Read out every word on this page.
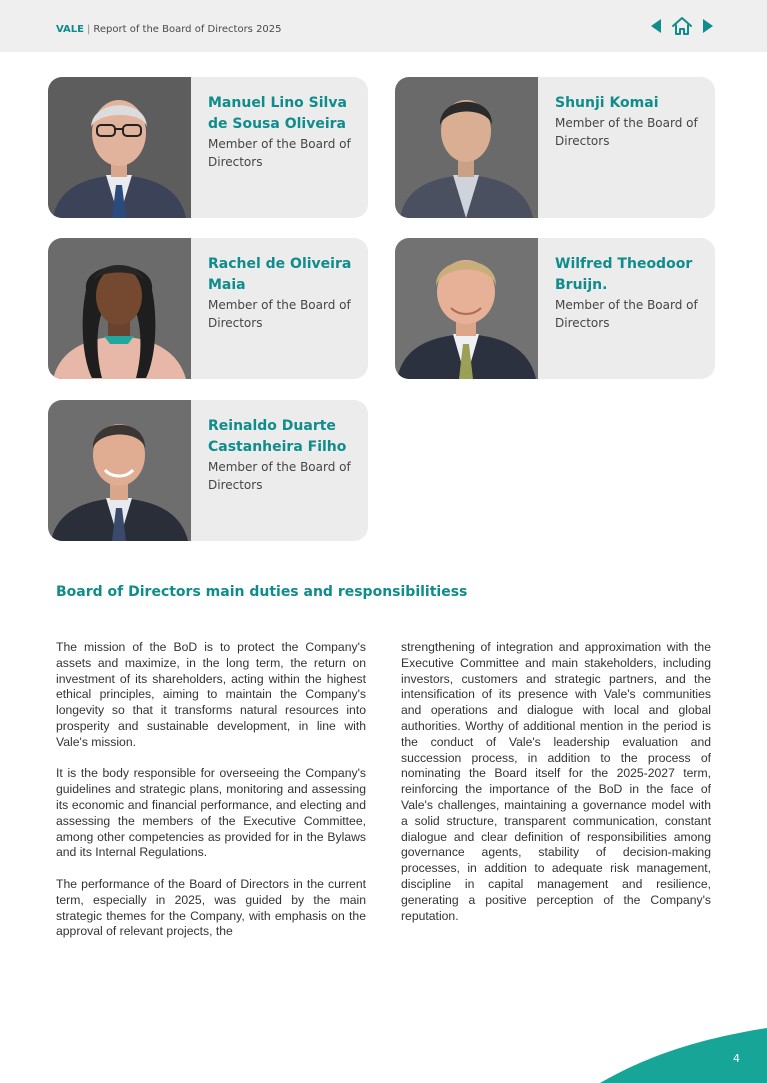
VALE | Report of the Board of Directors 2025
Manuel Lino Silva de Sousa Oliveira
Member of the Board of Directors
Shunji Komai
Member of the Board of Directors
Rachel de Oliveira Maia
Member of the Board of Directors
Wilfred Theodoor Bruijn.
Member of the Board of Directors
Reinaldo Duarte Castanheira Filho
Member of the Board of Directors
Board of Directors main duties and responsibilitiess

The mission of the BoD is to protect the Company's assets and maximize, in the long term, the return on investment of its shareholders, acting within the highest ethical principles, aiming to maintain the Company's longevity so that it transforms natural resources into prosperity and sustainable development, in line with Vale's mission.

It is the body responsible for overseeing the Company's guidelines and strategic plans, monitoring and assessing its economic and financial performance, and electing and assessing the members of the Executive Committee, among other competencies as provided for in the Bylaws and its Internal Regulations.

The performance of the Board of Directors in the current term, especially in 2025, was guided by the main strategic themes for the Company, with emphasis on the approval of relevant projects, the

strengthening of integration and approximation with the Executive Committee and main stakeholders, including investors, customers and strategic partners, and the intensification of its presence with Vale's communities and operations and dialogue with local and global authorities. Worthy of additional mention in the period is the conduct of Vale's leadership evaluation and succession process, in addition to the process of nominating the Board itself for the 2025-2027 term, reinforcing the importance of the BoD in the face of Vale's challenges, maintaining a governance model with a solid structure, transparent communication, constant dialogue and clear definition of responsibilities among governance agents, stability of decision-making processes, in addition to adequate risk management, discipline in capital management and resilience, generating a positive perception of the Company's reputation.

4
